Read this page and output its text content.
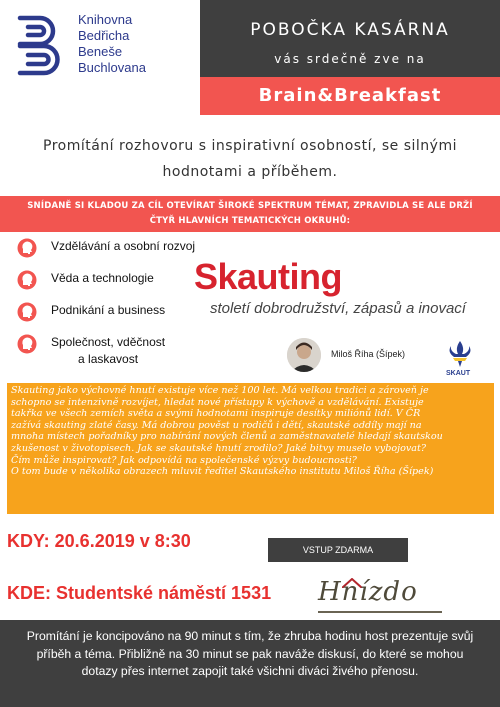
Knihovna
Bedřicha
Beneše
Buchlovana
POBOČKA KASÁRNA
vás srdečně zve na
Brain&Breakfast
Promítání rozhovoru s inspirativní osobností, se silnými
hodnotami a příběhem.
SNÍDANĚ SI KLADOU ZA CÍL OTEVÍRAT ŠIROKÉ SPEKTRUM TÉMAT, ZPRAVIDLA SE ALE DRŽÍ
ČTYŘ HLAVNÍCH TEMATICKÝCH OKRUHŮ:
Vzdělávání a osobní rozvoj
Věda a technologie
Podnikání a business
Společnost, vděčnost
a laskavost
Skauting
století dobrodružství, zápasů a inovací
Miloš Říha (Šípek)
SKAUT
Skauting jako výchovné hnutí existuje více než 100 let. Má velkou tradici a zároveň je
schopno se intenzivně rozvíjet, hledat nové přístupy k výchově a vzdělávání. Existuje
takřka ve všech zemích světa a svými hodnotami inspiruje desítky miliónů lidí. V ČR
zažívá skauting zlaté časy. Má dobrou pověst u rodičů i dětí, skautské oddíly mají na
mnoha místech pořadníky pro nabírání nových členů a zaměstnavatelé hledají skautskou
zkušenost v životopisech. Jak se skautské hnutí zrodilo? Jaké bitvy muselo vybojovat?
Čím může inspirovat? Jak odpovídá na společenské výzvy budoucnosti?
O tom bude v několika obrazech mluvit ředitel Skautského institutu Miloš Říha (Šípek)
KDY: 20.6.2019 v 8:30	VSTUP ZDARMA
KDE: Studentské náměstí 1531 Hnízdo
Promítání je koncipováno na 90 minut s tím, že zhruba hodinu host prezentuje svůj
příběh a téma. Přibližně na 30 minut se pak naváže diskusí, do které se mohou
dotazy přes internet zapojit také všichni diváci živého přenosu.
